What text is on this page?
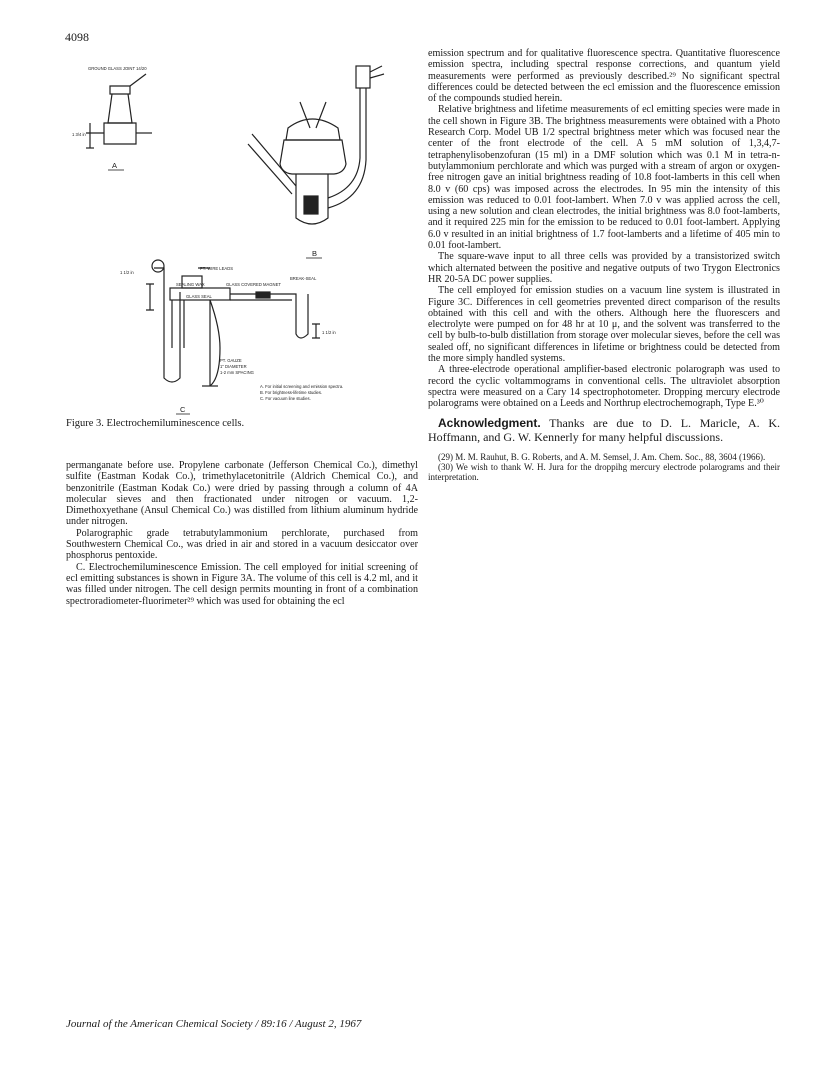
4098
GROUND GLASS JOINT 14/20
1 3/4 in
PT. WIRE LEADS
BREAK-SEAL
SEALING WAX	GLASS COVERED MAGNET
GLASS SEAL
1 1/2 in
1 1/2 in
PT. GAUZE
1" DIAMETER
1-2 mm SPACING
A
B
C
A. For initial screening and emission spectra.
B. For brightness-lifetime studies.
C. For vacuum line studies.
Figure 3. Electrochemiluminescence cells.

permanganate before use. Propylene carbonate (Jefferson Chemical Co.), dimethyl sulfite (Eastman Kodak Co.), trimethylacetonitrile (Aldrich Chemical Co.), and benzonitrile (Eastman Kodak Co.) were dried by passing through a column of 4A molecular sieves and then fractionated under nitrogen or vacuum. 1,2-Dimethoxyethane (Ansul Chemical Co.) was distilled from lithium aluminum hydride under nitrogen.

Polarographic grade tetrabutylammonium perchlorate, purchased from Southwestern Chemical Co., was dried in air and stored in a vacuum desiccator over phosphorus pentoxide.

C. Electrochemiluminescence Emission. The cell employed for initial screening of ecl emitting substances is shown in Figure 3A. The volume of this cell is 4.2 ml, and it was filled under nitrogen. The cell design permits mounting in front of a combination spectroradiometer-fluorimeter²⁹ which was used for obtaining the ecl

emission spectrum and for qualitative fluorescence spectra. Quantitative fluorescence emission spectra, including spectral response corrections, and quantum yield measurements were performed as previously described.²⁹ No significant spectral differences could be detected between the ecl emission and the fluorescence emission of the compounds studied herein.

Relative brightness and lifetime measurements of ecl emitting species were made in the cell shown in Figure 3B. The brightness measurements were obtained with a Photo Research Corp. Model UB 1/2 spectral brightness meter which was focused near the center of the front electrode of the cell. A 5 mM solution of 1,3,4,7-tetraphenylisobenzofuran (15 ml) in a DMF solution which was 0.1 M in tetra-n-butylammonium perchlorate and which was purged with a stream of argon or oxygen-free nitrogen gave an initial brightness reading of 10.8 foot-lamberts in this cell when 8.0 v (60 cps) was imposed across the electrodes. In 95 min the intensity of this emission was reduced to 0.01 foot-lambert. When 7.0 v was applied across the cell, using a new solution and clean electrodes, the initial brightness was 8.0 foot-lamberts, and it required 225 min for the emission to be reduced to 0.01 foot-lambert. Applying 6.0 v resulted in an initial brightness of 1.7 foot-lamberts and a lifetime of 405 min to 0.01 foot-lambert.

The square-wave input to all three cells was provided by a transistorized switch which alternated between the positive and negative outputs of two Trygon Electronics HR 20-5A DC power supplies.

The cell employed for emission studies on a vacuum line system is illustrated in Figure 3C. Differences in cell geometries prevented direct comparison of the results obtained with this cell and with the others. Although here the fluorescers and electrolyte were pumped on for 48 hr at 10 μ, and the solvent was transferred to the cell by bulb-to-bulb distillation from storage over molecular sieves, before the cell was sealed off, no significant differences in lifetime or brightness could be detected from the more simply handled systems.

A three-electrode operational amplifier-based electronic polarograph was used to record the cyclic voltammograms in conventional cells. The ultraviolet absorption spectra were measured on a Cary 14 spectrophotometer. Dropping mercury electrode polarograms were obtained on a Leeds and Northrup electrochemograph, Type E.³⁰

Acknowledgment. Thanks are due to D. L. Maricle, A. K. Hoffmann, and G. W. Kennerly for many helpful discussions.

(29) M. M. Rauhut, B. G. Roberts, and A. M. Semsel, J. Am. Chem. Soc., 88, 3604 (1966).

(30) We wish to thank W. H. Jura for the droppihg mercury electrode polarograms and their interpretation.

Journal of the American Chemical Society / 89:16 / August 2, 1967
